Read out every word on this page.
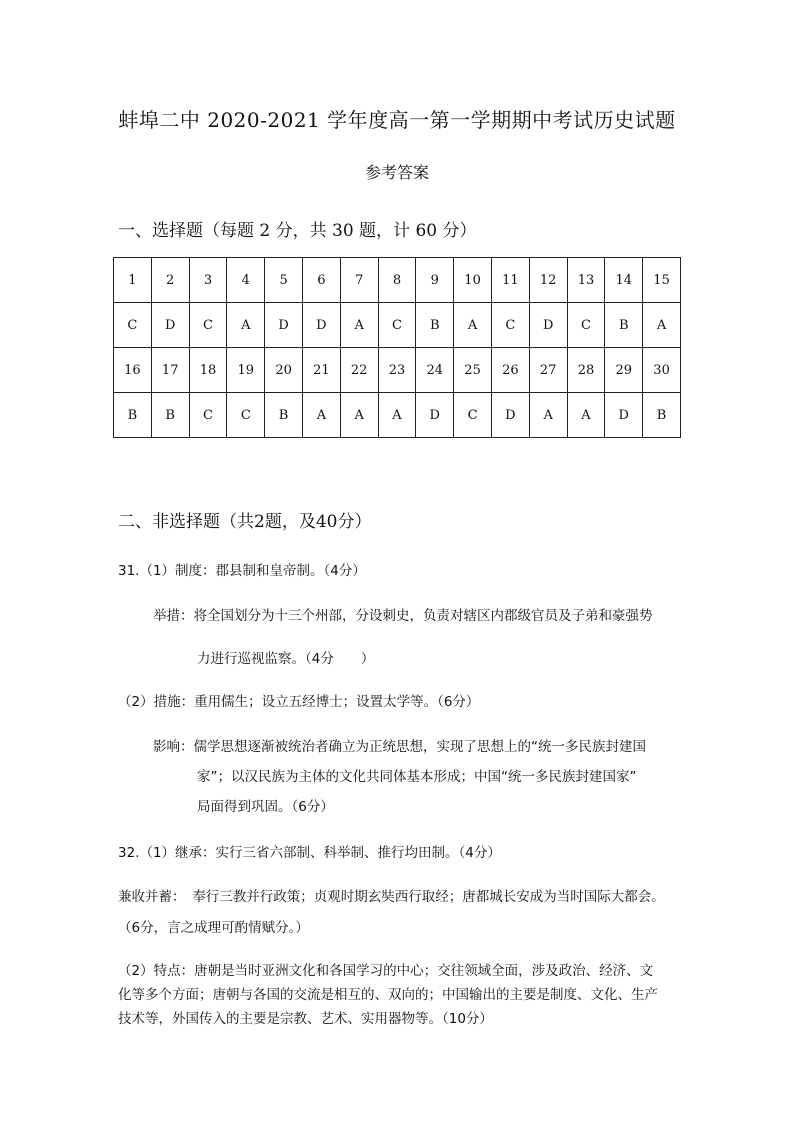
蚌埠二中 2020-2021 学年度高一第一学期期中考试历史试题
参考答案
一、选择题（每题 2 分，共 30 题，计 60 分）
1	2	3	4	5	6	7	8	9	10	11	12	13	14	15
C	D	C	A	D	D	A	C	B	A	C	D	C	B	A
16	17	18	19	20	21	22	23	24	25	26	27	28	29	30
B	B	C	C	B	A	A	A	D	C	D	A	A	D	B
二、非选择题（共2题，及40分）
31.（1）制度：郡县制和皇帝制。（4分）
举措：将全国划分为十三个州部，分设刺史，负责对辖区内郡级官员及子弟和豪强势
力进行巡视监察。（4分　　）
（2）措施：重用儒生；设立五经博士；设置太学等。（6分）
影响：儒学思想逐渐被统治者确立为正统思想，实现了思想上的“统一多民族封建国
家”；以汉民族为主体的文化共同体基本形成；中国“统一多民族封建国家”
局面得到巩固。（6分）
32.（1）继承：实行三省六部制、科举制、推行均田制。（4分）
兼收并蓄：　奉行三教并行政策；贞观时期玄奘西行取经；唐都城长安成为当时国际大都会。
（6分，言之成理可酌情赋分。）
（2）特点：唐朝是当时亚洲文化和各国学习的中心；交往领域全面，涉及政治、经济、文
化等多个方面；唐朝与各国的交流是相互的、双向的；中国输出的主要是制度、文化、生产
技术等，外国传入的主要是宗教、艺术、实用器物等。（10分）
